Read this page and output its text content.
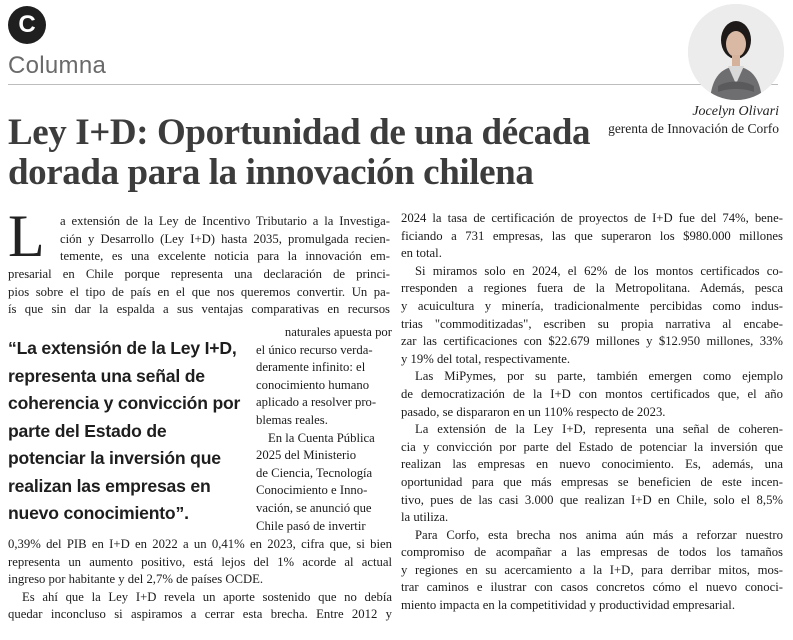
C
Columna
Jocelyn Olivari
gerenta de Innovación de Corfo
Ley I+D: Oportunidad de una década
dorada para la innovación chilena
L a extensión de la Ley de Incentivo Tributario a la Investiga-
ción y Desarrollo (Ley I+D) hasta 2035, promulgada recien-
temente, es una excelente noticia para la innovación em-
presarial en Chile porque representa una declaración de princi-
pios sobre el tipo de país en el que nos queremos convertir. Un pa-
ís que sin dar la espalda a sus ventajas comparativas en recursos
“La extensión de la Ley I+D,
representa una señal de
coherencia y convicción por
parte del Estado de
potenciar la inversión que
realizan las empresas en
nuevo conocimiento”.
naturales apuesta por
el único recurso verda-
deramente infinito: el
conocimiento humano
aplicado a resolver pro-
blemas reales.
En la Cuenta Pública
2025 del Ministerio
de Ciencia, Tecnología
Conocimiento e Inno-
vación, se anunció que
Chile pasó de invertir
0,39% del PIB en I+D en 2022 a un 0,41% en 2023, cifra que, si bien
representa un aumento positivo, está lejos del 1% acorde al actual
ingreso por habitante y del 2,7% de países OCDE.
Es ahí que la Ley I+D revela un aporte sostenido que no debía
quedar inconcluso si aspiramos a cerrar esta brecha. Entre 2012 y
2024 la tasa de certificación de proyectos de I+D fue del 74%, bene-
ficiando a 731 empresas, las que superaron los $980.000 millones
en total.
Si miramos solo en 2024, el 62% de los montos certificados co-
rresponden a regiones fuera de la Metropolitana. Además, pesca
y acuicultura y minería, tradicionalmente percibidas como indus-
trias "commoditizadas", escriben su propia narrativa al encabe-
zar las certificaciones con $22.679 millones y $12.950 millones, 33%
y 19% del total, respectivamente.
Las MiPymes, por su parte, también emergen como ejemplo
de democratización de la I+D con montos certificados que, el año
pasado, se dispararon en un 110% respecto de 2023.
La extensión de la Ley I+D, representa una señal de coheren-
cia y convicción por parte del Estado de potenciar la inversión que
realizan las empresas en nuevo conocimiento. Es, además, una
oportunidad para que más empresas se beneficien de este incen-
tivo, pues de las casi 3.000 que realizan I+D en Chile, solo el 8,5%
la utiliza.
Para Corfo, esta brecha nos anima aún más a reforzar nuestro
compromiso de acompañar a las empresas de todos los tamaños
y regiones en su acercamiento a la I+D, para derribar mitos, mos-
trar caminos e ilustrar con casos concretos cómo el nuevo conoci-
miento impacta en la competitividad y productividad empresarial.
